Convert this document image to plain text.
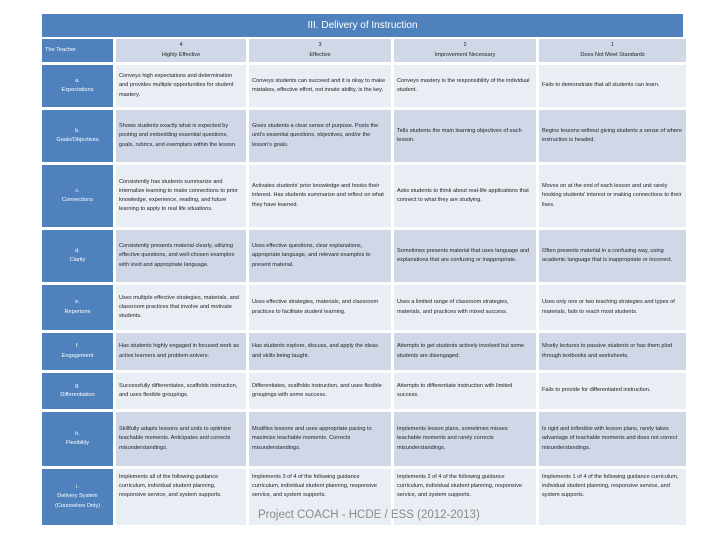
III. Delivery of Instruction
The Teacher
4
Highly Effective
3
Effective
2
Improvement Necessary
1
Does Not Meet Standards
a.
Expectations
Conveys high expectations and determination and provides multiple opportunities for student mastery.
Conveys students can succeed and it is okay to make mistakes, effective effort, not innate ability, is the key.
Conveys mastery is the responsibility of the individual student.
Fails to demonstrate that all students can learn.
b.
Goals/Objectives
Shows students exactly what is expected by posting and embedding essential questions, goals, rubrics, and exemplars within the lesson.
Gives students a clear sense of purpose. Posts the unit's essential questions, objectives, and/or the lesson's goals.
Tells students the main learning objectives of each lesson.
Begins lessons without giving students a sense of where instruction is headed.
c.
Connections
Consistently has students summarize and internalize learning to make connections to prior knowledge, experience, reading, and future learning to apply to real life situations.
Activates students' prior knowledge and hooks their interest. Has students summarize and reflect on what they have learned.
Asks students to think about real-life applications that connect to what they are studying.
Moves on at the end of each lesson and unit rarely hooking students' interest or making connections to their lives.
d.
Clarity
Consistently presents material clearly, utilizing effective questions, and well-chosen examples with vivid and appropriate language.
Uses effective questions, clear explanations, appropriate language, and relevant examples to present material.
Sometimes presents material that uses language and explanations that are confusing or inappropriate.
Often presents material in a confusing way, using academic language that is inappropriate or incorrect.
e.
Repertoire
Uses multiple effective strategies, materials, and classroom practices that involve and motivate students.
Uses effective strategies, materials, and classroom practices to facilitate student learning.
Uses a limited range of classroom strategies, materials, and practices with mixed success.
Uses only one or two teaching strategies and types of materials, fails to reach most students.
f.
Engagement
Has students highly engaged in focused work as active learners and problem-solvers.
Has students explore, discuss, and apply the ideas and skills being taught.
Attempts to get students actively involved but some students are disengaged.
Mostly lectures to passive students or has them plod through textbooks and worksheets.
g.
Differentiation
Successfully differentiates, scaffolds instruction, and uses flexible groupings.
Differentiates, scaffolds instruction, and uses flexible groupings with some success.
Attempts to differentiate instruction with limited success.
Fails to provide for differentiated instruction.
h.
Flexibility
Skillfully adapts lessons and units to optimize teachable moments. Anticipates and corrects misunderstandings.
Modifies lessons and uses appropriate pacing to maximize teachable moments. Corrects misunderstandings.
Implements lesson plans, sometimes misses teachable moments and rarely corrects misunderstandings.
Is rigid and inflexible with lesson plans, rarely takes advantage of teachable moments and does not correct misunderstandings.
i.
Delivery System (Counselors Only)
Implements all of the following guidance curriculum, individual student planning, responsive service, and system supports.
Implements 3 of 4 of the following guidance curriculum, individual student planning, responsive service, and system supports.
Implements 2 of 4 of the following guidance curriculum, individual student planning, responsive service, and system supports.
Implements 1 of 4 of the following guidance curriculum, individual student planning, responsive service, and system supports.
Project COACH - HCDE / ESS (2012-2013)
